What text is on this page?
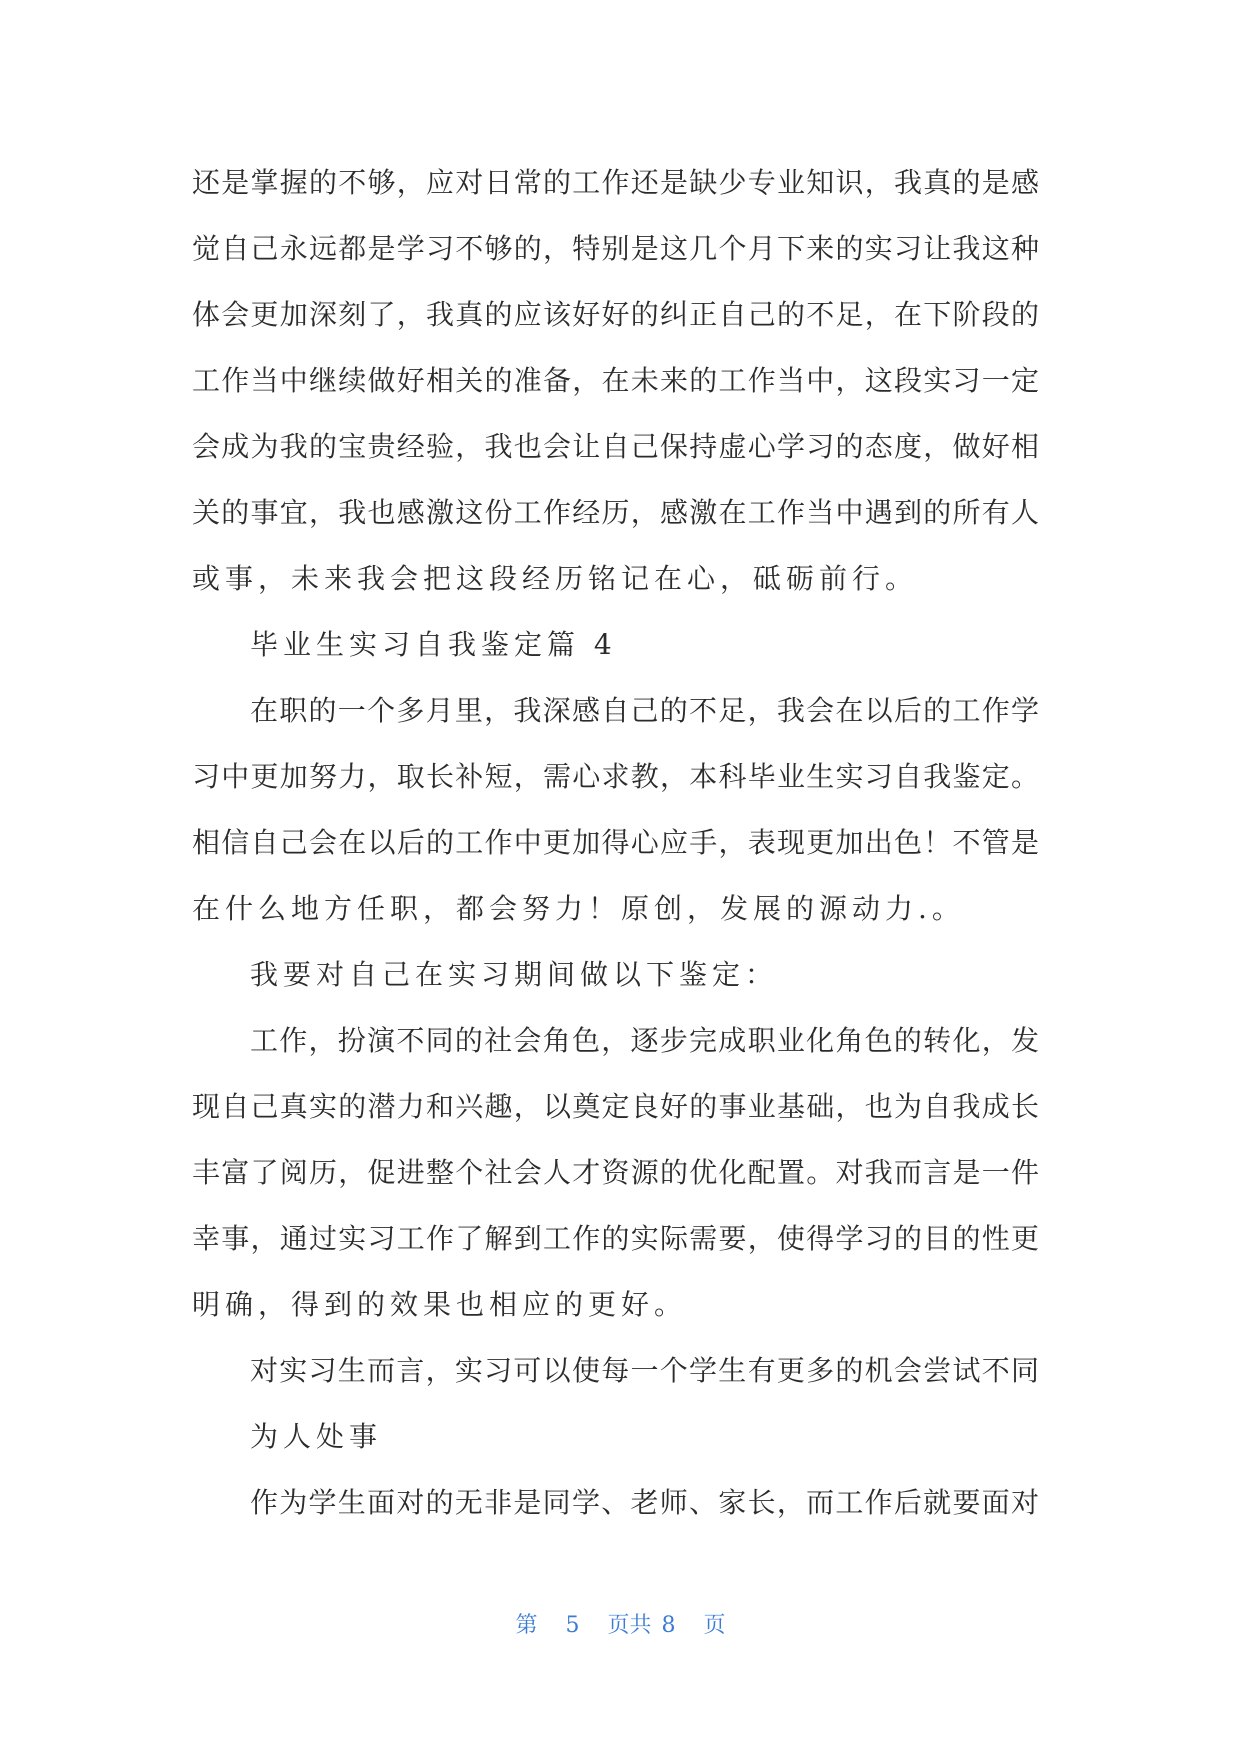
还是掌握的不够，应对日常的工作还是缺少专业知识，我真的是感
觉自己永远都是学习不够的，特别是这几个月下来的实习让我这种
体会更加深刻了，我真的应该好好的纠正自己的不足，在下阶段的
工作当中继续做好相关的准备，在未来的工作当中，这段实习一定
会成为我的宝贵经验，我也会让自己保持虚心学习的态度，做好相
关的事宜，我也感激这份工作经历，感激在工作当中遇到的所有人
或事，未来我会把这段经历铭记在心，砥砺前行。
毕业生实习自我鉴定篇 4
在职的一个多月里，我深感自己的不足，我会在以后的工作学
习中更加努力，取长补短，需心求教，本科毕业生实习自我鉴定。
相信自己会在以后的工作中更加得心应手，表现更加出色！不管是
在什么地方任职，都会努力！原创，发展的源动力.。
我要对自己在实习期间做以下鉴定：
工作，扮演不同的社会角色，逐步完成职业化角色的转化，发
现自己真实的潜力和兴趣，以奠定良好的事业基础，也为自我成长
丰富了阅历，促进整个社会人才资源的优化配置。对我而言是一件
幸事，通过实习工作了解到工作的实际需要，使得学习的目的性更
明确，得到的效果也相应的更好。
对实习生而言，实习可以使每一个学生有更多的机会尝试不同
为人处事
作为学生面对的无非是同学、老师、家长，而工作后就要面对
第 5 页共 8 页
